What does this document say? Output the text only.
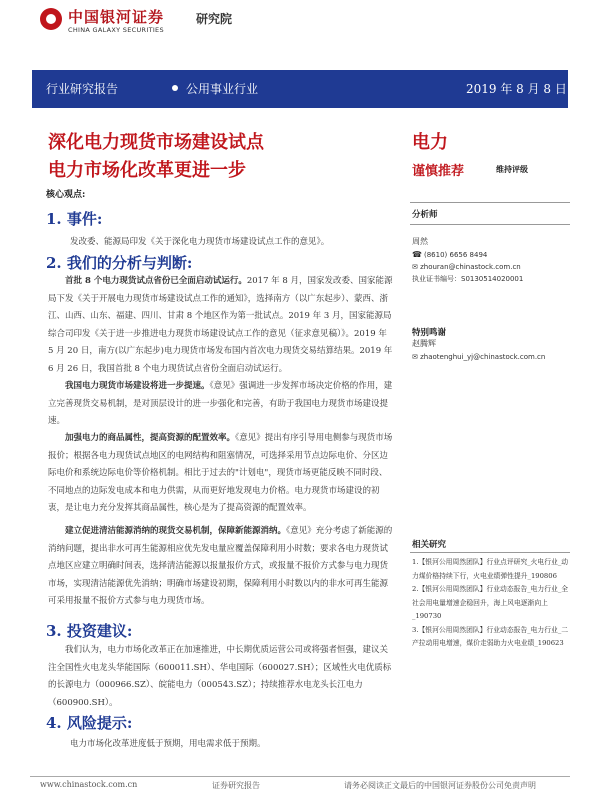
中国银河证券
CHINA GALAXY SECURITIES
研究院
行业研究报告	公用事业行业	2019 年 8 月 8 日
深化电力现货市场建设试点
电力市场化改革更进一步
核心观点:
1. 事件:
发改委、能源局印发《关于深化电力现货市场建设试点工作的意见》。
2. 我们的分析与判断:
首批 8 个电力现货试点省份已全面启动试运行。2017 年 8 月，国家发改委、国家能源局下发《关于开展电力现货市场建设试点工作的通知》，选择南方（以广东起步）、蒙西、浙江、山西、山东、福建、四川、甘肃 8 个地区作为第一批试点。2019 年 3 月，国家能源局综合司印发《关于进一步推进电力现货市场建设试点工作的意见（征求意见稿）》。2019 年 5 月 20 日，南方(以广东起步)电力现货市场发布国内首次电力现货交易结算结果。2019 年 6 月 26 日，我国首批 8 个电力现货试点省份全面启动试运行。
我国电力现货市场建设将进一步提速。《意见》强调进一步发挥市场决定价格的作用，建立完善现货交易机制，是对顶层设计的进一步强化和完善，有助于我国电力现货市场建设提速。
加强电力的商品属性，提高资源的配置效率。《意见》提出有序引导用电侧参与现货市场报价；根据各电力现货试点地区的电网结构和阻塞情况，可选择采用节点边际电价、分区边际电价和系统边际电价等价格机制。相比于过去的"计划电"，现货市场更能反映不同时段、不同地点的边际发电成本和电力供需，从而更好地发现电力价格。电力现货市场建设的初衷，是让电力充分发挥其商品属性，核心是为了提高资源的配置效率。
建立促进清洁能源消纳的现货交易机制，保障新能源消纳。《意见》充分考虑了新能源的消纳问题，提出非水可再生能源相应优先发电量应覆盖保障利用小时数；要求各电力现货试点地区应建立明确时间表，选择清洁能源以报量报价方式，或报量不报价方式参与电力现货市场，实现清洁能源优先消纳；明确市场建设初期，保障利用小时数以内的非水可再生能源可采用报量不报价方式参与电力现货市场。
3. 投资建议:
我们认为，电力市场化改革正在加速推进，中长期优质运营公司或将强者恒强，建议关注全国性火电龙头华能国际（600011.SH）、华电国际（600027.SH）；区域性火电优质标的长源电力（000966.SZ）、皖能电力（000543.SZ）；持续推荐水电龙头长江电力（600900.SH）。
4. 风险提示:
电力市场化改革进度低于预期，用电需求低于预期。
电力
谨慎推荐	维持评级
分析师
周然
☎ (8610) 6656 8494
✉ zhouran@chinastock.com.cn
执业证书编号：S0130514020001
特别鸣谢
赵腾辉
✉ zhaotenghui_yj@chinastock.com.cn
相关研究
1.【银河公用周然团队】行业点评研究_火电行业_动力煤价格持续下行，火电业绩弹性提升_190806
2.【银河公用周然团队】行业动态报告_电力行业_全社会用电量增速企稳回升，海上风电逐渐向上_190730
3.【银河公用周然团队】行业动态报告_电力行业_二产拉动用电增速，煤价走弱助力火电业绩_190623
www.chinastock.com.cn	证券研究报告	请务必阅读正文最后的中国银河证券股份公司免责声明
